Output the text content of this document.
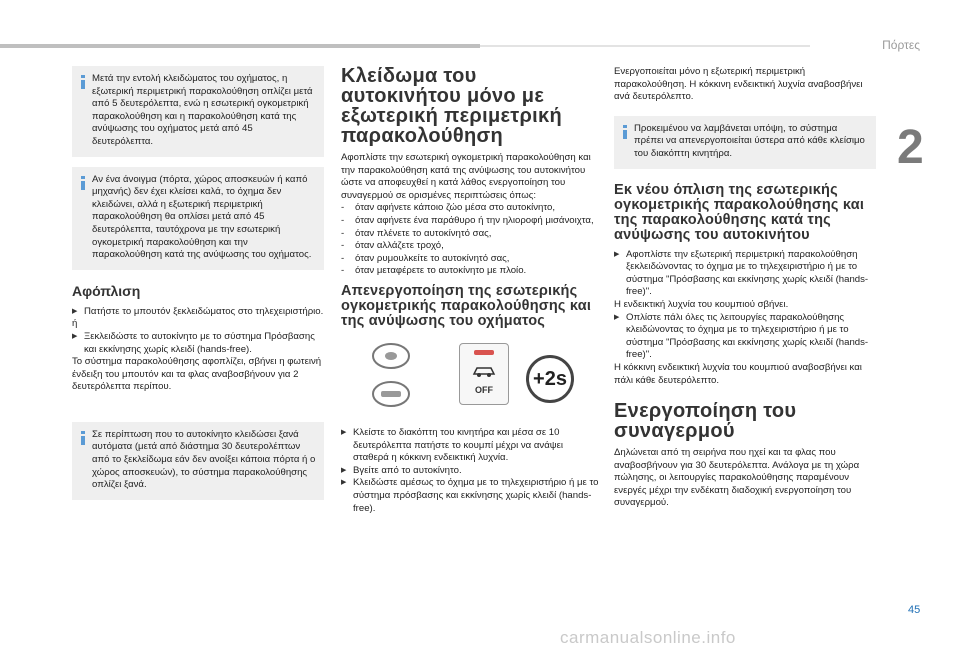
Πόρτες
2

Μετά την εντολή κλειδώματος του οχήματος, η εξωτερική περιμετρική παρακολούθηση οπλίζει μετά από 5 δευτερόλεπτα, ενώ η εσωτερική ογκομετρική παρακολούθηση και η παρακολούθηση κατά της ανύψωσης του οχήματος μετά από 45 δευτερόλεπτα.

Αν ένα άνοιγμα (πόρτα, χώρος αποσκευών ή καπό μηχανής) δεν έχει κλείσει καλά, το όχημα δεν κλειδώνει, αλλά η εξωτερική περιμετρική παρακολούθηση θα οπλίσει μετά από 45 δευτερόλεπτα, ταυτόχρονα με την εσωτερική ογκομετρική παρακολούθηση και την παρακολούθηση κατά της ανύψωσης του οχήματος.

Αφόπλιση

▶ Πατήστε το μπουτόν ξεκλειδώματος στο τηλεχειριστήριο.

ή

▶ Ξεκλειδώστε το αυτοκίνητο με το σύστημα Πρόσβασης και εκκίνησης χωρίς κλειδί (hands-free).

Το σύστημα παρακολούθησης αφοπλίζει, σβήνει η φωτεινή ένδειξη του μπουτόν και τα φλας αναβοσβήνουν για 2 δευτερόλεπτα περίπου.

Σε περίπτωση που το αυτοκίνητο κλειδώσει ξανά αυτόματα (μετά από διάστημα 30 δευτερολέπτων από το ξεκλείδωμα εάν δεν ανοίξει κάποια πόρτα ή ο χώρος αποσκευών), το σύστημα παρακολούθησης οπλίζει ξανά.

Κλείδωμα του αυτοκινήτου μόνο με εξωτερική περιμετρική παρακολούθηση

Αφοπλίστε την εσωτερική ογκομετρική παρακολούθηση και την παρακολούθηση κατά της ανύψωσης του αυτοκινήτου ώστε να αποφευχθεί η κατά λάθος ενεργοποίηση του συναγερμού σε ορισμένες περιπτώσεις όπως:

- όταν αφήνετε κάποιο ζώο μέσα στο αυτοκίνητο,

- όταν αφήνετε ένα παράθυρο ή την ηλιοροφή μισάνοιχτα,

- όταν πλένετε το αυτοκίνητό σας,

- όταν αλλάζετε τροχό,

- όταν ρυμουλκείτε το αυτοκίνητό σας,

- όταν μεταφέρετε το αυτοκίνητο με πλοίο.

Απενεργοποίηση της εσωτερικής ογκομετρικής παρακολούθησης και της ανύψωσης του οχήματος
OFF	+2s

▶ Κλείστε το διακόπτη του κινητήρα και μέσα σε 10 δευτερόλεπτα πατήστε το κουμπί μέχρι να ανάψει σταθερά η κόκκινη ενδεικτική λυχνία.

▶ Βγείτε από το αυτοκίνητο.

▶ Κλειδώστε αμέσως το όχημα με το τηλεχειριστήριο ή με το σύστημα πρόσβασης και εκκίνησης χωρίς κλειδί (hands-free).

Ενεργοποιείται μόνο η εξωτερική περιμετρική παρακολούθηση. Η κόκκινη ενδεικτική λυχνία αναβοσβήνει ανά δευτερόλεπτο.

Προκειμένου να λαμβάνεται υπόψη, το σύστημα πρέπει να απενεργοποιείται ύστερα από κάθε κλείσιμο του διακόπτη κινητήρα.

Εκ νέου όπλιση της εσωτερικής ογκομετρικής παρακολούθησης και της παρακολούθησης κατά της ανύψωσης του αυτοκινήτου

▶ Αφοπλίστε την εξωτερική περιμετρική παρακολούθηση ξεκλειδώνοντας το όχημα με το τηλεχειριστήριο ή με το σύστημα "Πρόσβασης και εκκίνησης χωρίς κλειδί (hands-free)".

Η ενδεικτική λυχνία του κουμπιού σβήνει.

▶ Οπλίστε πάλι όλες τις λειτουργίες παρακολούθησης κλειδώνοντας το όχημα με το τηλεχειριστήριο ή με το σύστημα "Πρόσβασης και εκκίνησης χωρίς κλειδί (hands-free)".

Η κόκκινη ενδεικτική λυχνία του κουμπιού αναβοσβήνει και πάλι κάθε δευτερόλεπτο.

Ενεργοποίηση του συναγερμού

Δηλώνεται από τη σειρήνα που ηχεί και τα φλας που αναβοσβήνουν για 30 δευτερόλεπτα. Ανάλογα με τη χώρα πώλησης, οι λειτουργίες παρακολούθησης παραμένουν ενεργές μέχρι την ενδέκατη διαδοχική ενεργοποίηση του συναγερμού.

45
carmanualsonline.info
